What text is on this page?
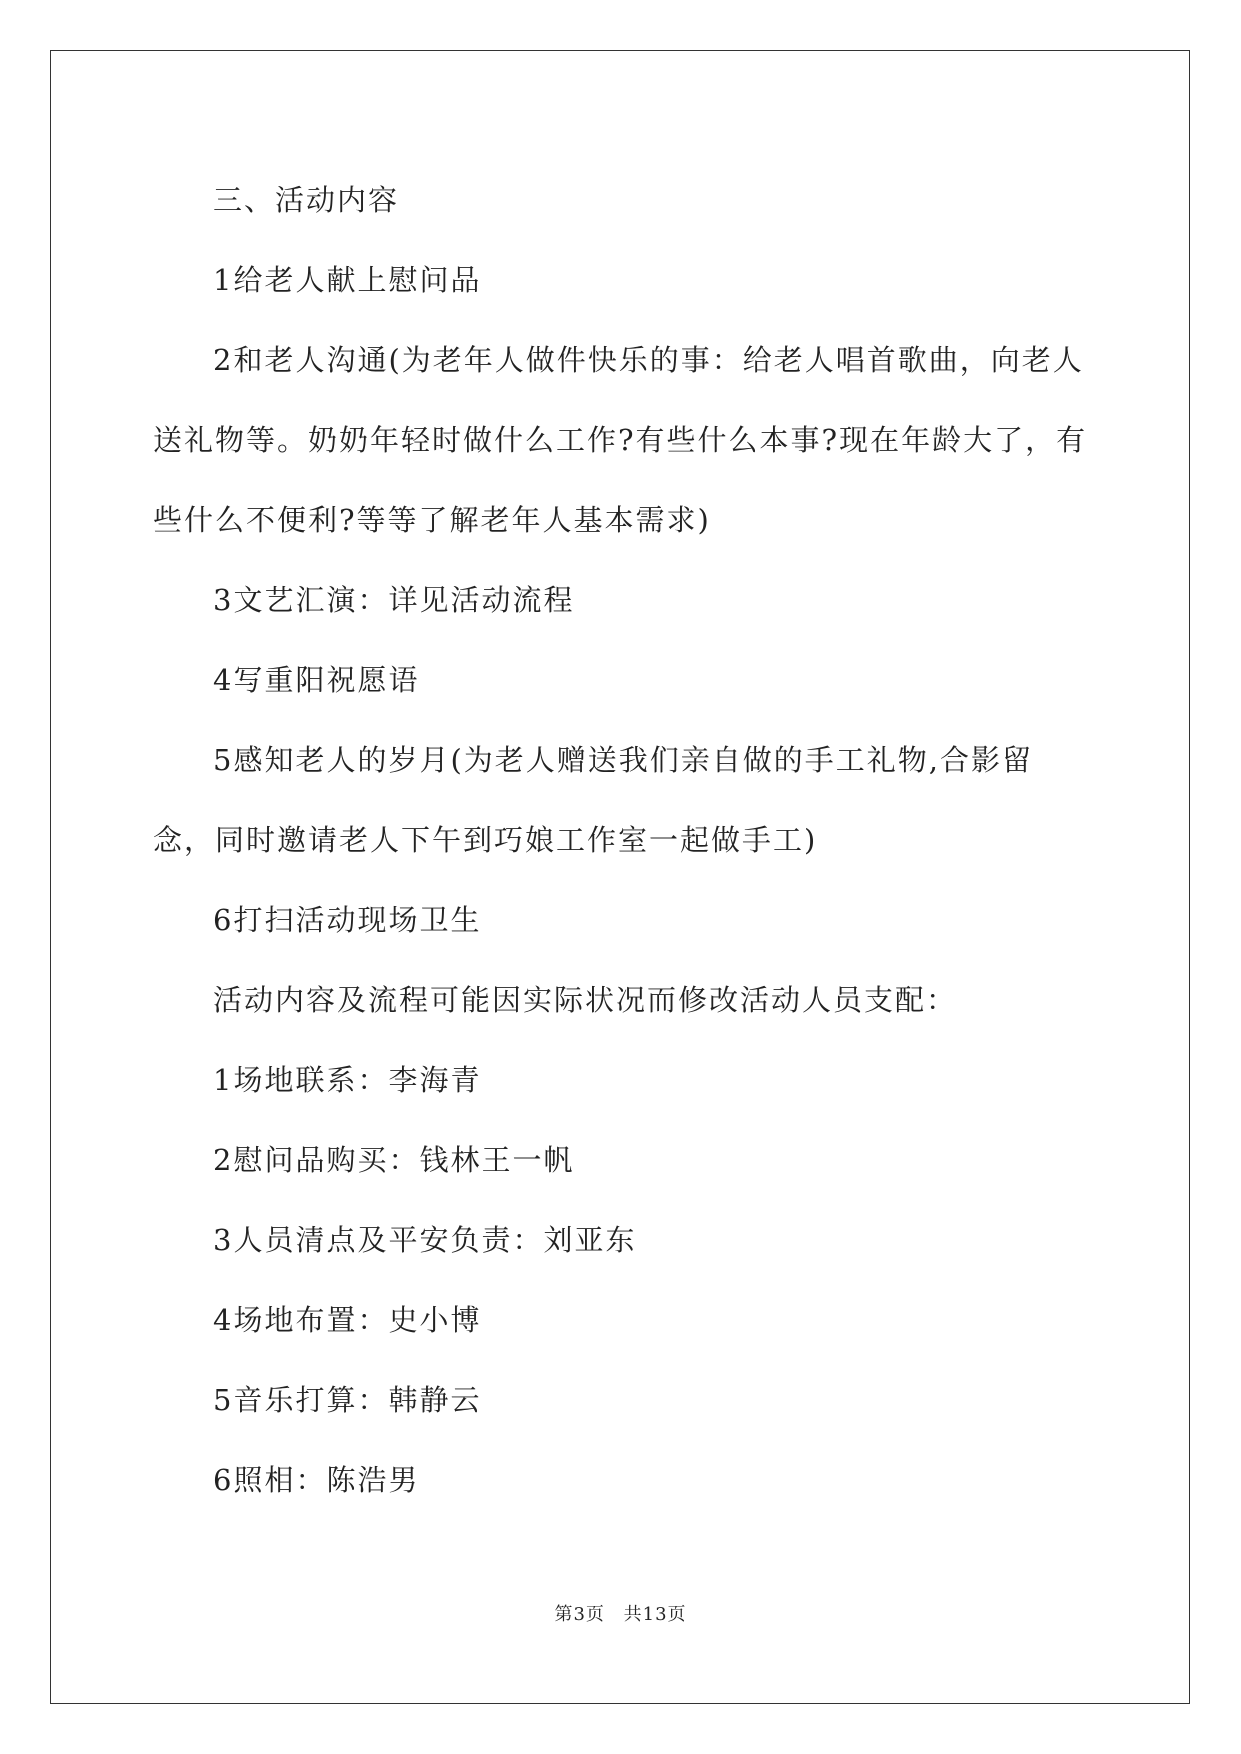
三、活动内容

1给老人献上慰问品

2和老人沟通(为老年人做件快乐的事：给老人唱首歌曲，向老人送礼物等。奶奶年轻时做什么工作?有些什么本事?现在年龄大了，有些什么不便利?等等了解老年人基本需求)

3文艺汇演：详见活动流程

4写重阳祝愿语

5感知老人的岁月(为老人赠送我们亲自做的手工礼物,合影留念，同时邀请老人下午到巧娘工作室一起做手工)

6打扫活动现场卫生

活动内容及流程可能因实际状况而修改活动人员支配：

1场地联系：李海青

2慰问品购买：钱林王一帆

3人员清点及平安负责：刘亚东

4场地布置：史小博

5音乐打算：韩静云

6照相：陈浩男

第3页 共13页
